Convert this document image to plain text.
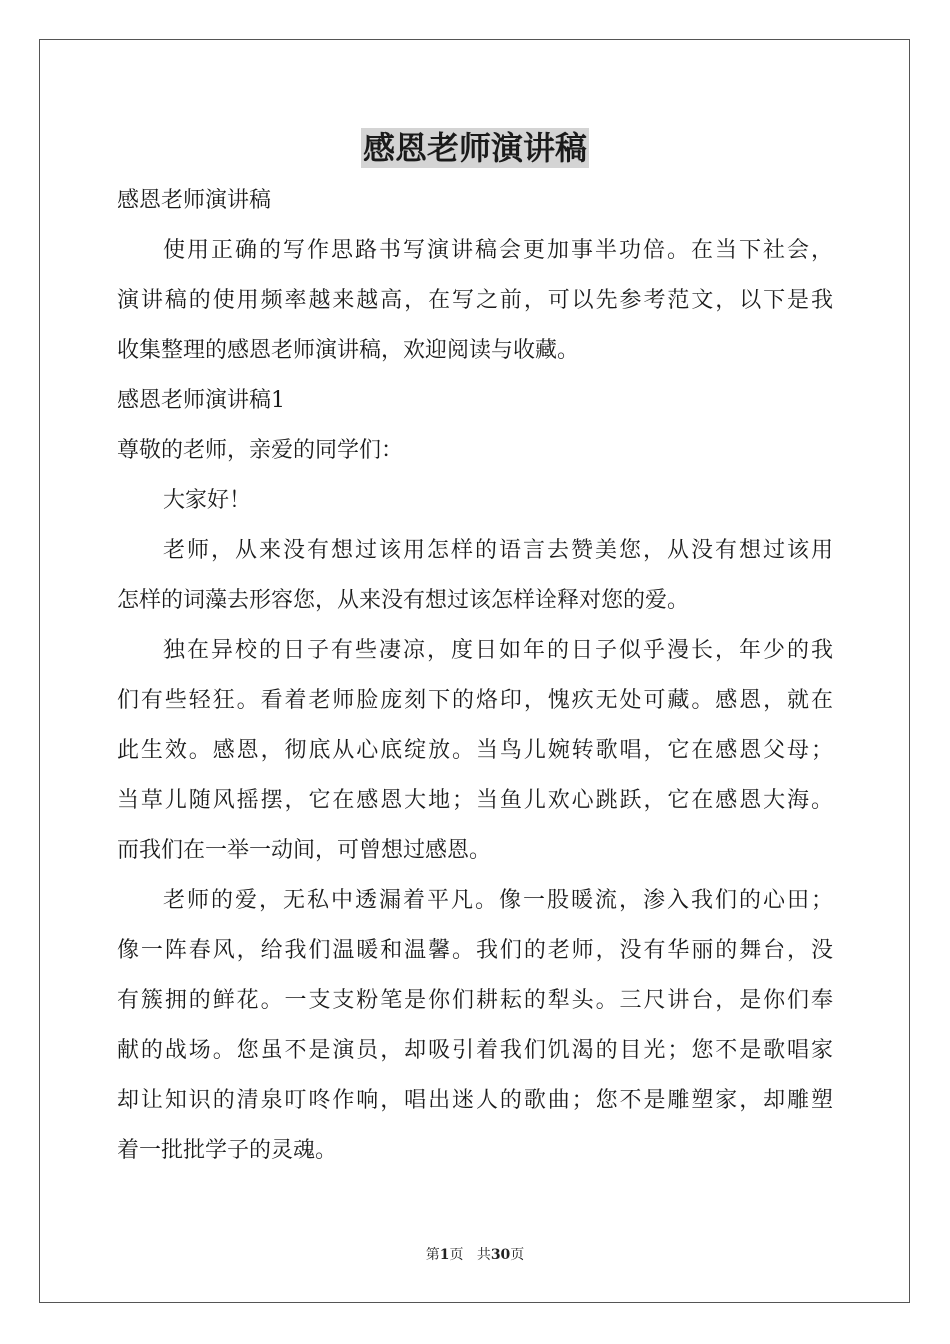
感恩老师演讲稿
感恩老师演讲稿
使用正确的写作思路书写演讲稿会更加事半功倍。在当下社会，
演讲稿的使用频率越来越高，在写之前，可以先参考范文，以下是我
收集整理的感恩老师演讲稿，欢迎阅读与收藏。
感恩老师演讲稿1
尊敬的老师，亲爱的同学们：
大家好！
老师，从来没有想过该用怎样的语言去赞美您，从没有想过该用
怎样的词藻去形容您，从来没有想过该怎样诠释对您的爱。
独在异校的日子有些凄凉，度日如年的日子似乎漫长，年少的我
们有些轻狂。看着老师脸庞刻下的烙印，愧疚无处可藏。感恩，就在
此生效。感恩，彻底从心底绽放。当鸟儿婉转歌唱，它在感恩父母；
当草儿随风摇摆，它在感恩大地；当鱼儿欢心跳跃，它在感恩大海。
而我们在一举一动间，可曾想过感恩。
老师的爱，无私中透漏着平凡。像一股暖流，渗入我们的心田；
像一阵春风，给我们温暖和温馨。我们的老师，没有华丽的舞台，没
有簇拥的鲜花。一支支粉笔是你们耕耘的犁头。三尺讲台，是你们奉
献的战场。您虽不是演员，却吸引着我们饥渴的目光；您不是歌唱家
却让知识的清泉叮咚作响，唱出迷人的歌曲；您不是雕塑家，却雕塑
着一批批学子的灵魂。
第1页 共30页
